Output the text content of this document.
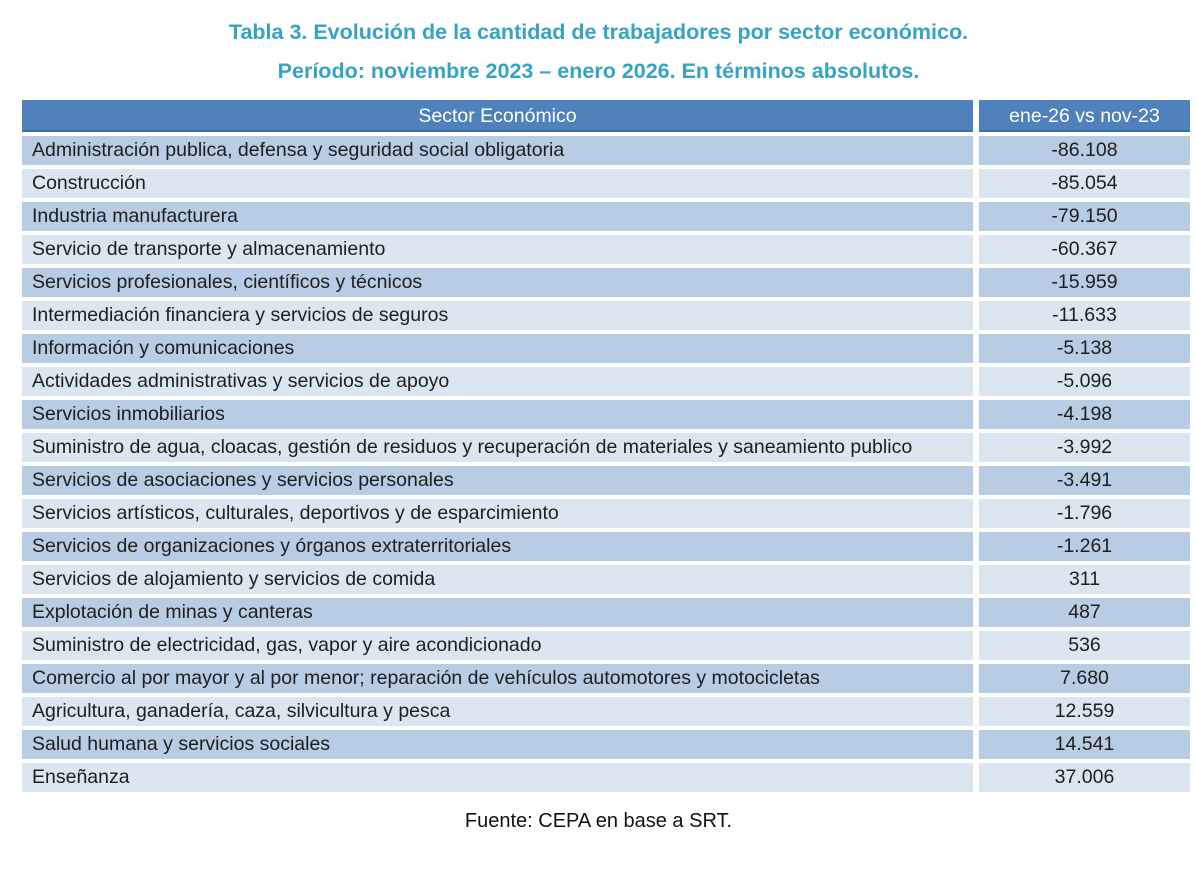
Tabla 3. Evolución de la cantidad de trabajadores por sector económico.
Período: noviembre 2023 – enero 2026. En términos absolutos.
Sector Económico	ene-26 vs nov-23
Administración publica, defensa y seguridad social obligatoria	-86.108
Construcción	-85.054
Industria manufacturera	-79.150
Servicio de transporte y almacenamiento	-60.367
Servicios profesionales, científicos y técnicos	-15.959
Intermediación financiera y servicios de seguros	-11.633
Información y comunicaciones	-5.138
Actividades administrativas y servicios de apoyo	-5.096
Servicios inmobiliarios	-4.198
Suministro de agua, cloacas, gestión de residuos y recuperación de materiales y saneamiento publico	-3.992
Servicios de asociaciones y servicios personales	-3.491
Servicios artísticos, culturales, deportivos y de esparcimiento	-1.796
Servicios de organizaciones y órganos extraterritoriales	-1.261
Servicios de alojamiento y servicios de comida	311
Explotación de minas y canteras	487
Suministro de electricidad, gas, vapor y aire acondicionado	536
Comercio al por mayor y al por menor; reparación de vehículos automotores y motocicletas	7.680
Agricultura, ganadería, caza, silvicultura y pesca	12.559
Salud humana y servicios sociales	14.541
Enseñanza	37.006
Fuente: CEPA en base a SRT.
